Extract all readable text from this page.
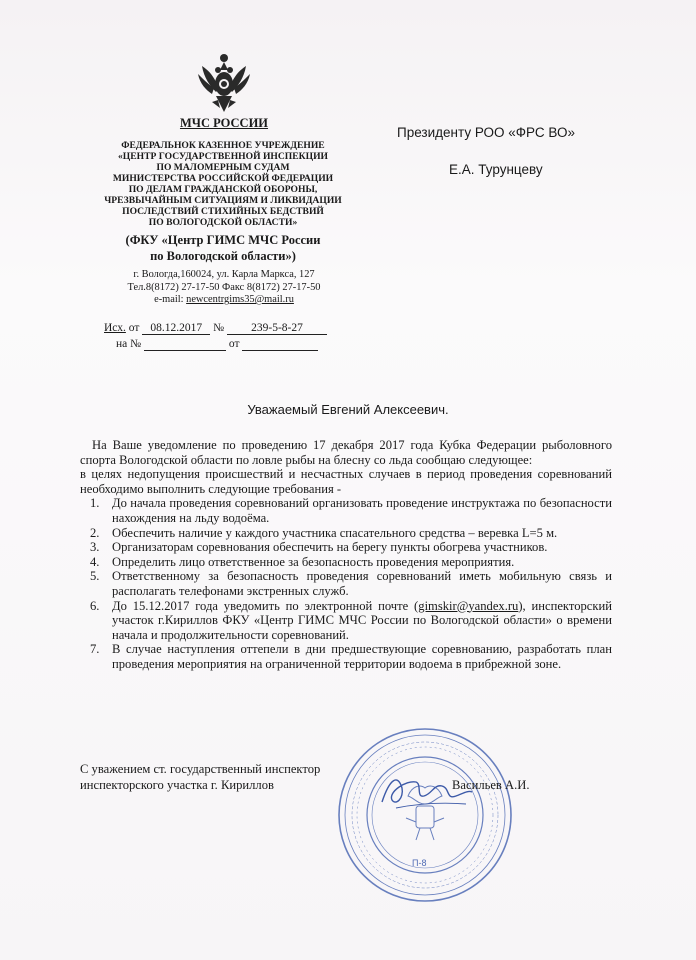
МЧС РОССИИ
ФЕДЕРАЛЬНОК КАЗЕННОЕ УЧРЕЖДЕНИЕ
«ЦЕНТР ГОСУДАРСТВЕННОЙ ИНСПЕКЦИИ
ПО МАЛОМЕРНЫМ СУДАМ
МИНИСТЕРСТВА РОССИЙСКОЙ ФЕДЕРАЦИИ
ПО ДЕЛАМ ГРАЖДАНСКОЙ ОБОРОНЫ,
ЧРЕЗВЫЧАЙНЫМ СИТУАЦИЯМ И ЛИКВИДАЦИИ
ПОСЛЕДСТВИЙ СТИХИЙНЫХ БЕДСТВИЙ
ПО ВОЛОГОДСКОЙ ОБЛАСТИ»
(ФКУ «Центр ГИМС МЧС России
по Вологодской области»)
г. Вологда,160024, ул. Карла Маркса, 127
Тел.8(8172) 27-17-50 Факс 8(8172) 27-17-50
e-mail: newcentrgims35@mail.ru
Исх. от 08.12.2017 № 239-5-8-27
на №	от
Президенту РОО «ФРС ВО»
Е.А. Турунцеву
Уважаемый Евгений Алексеевич.

На Ваше уведомление по проведению 17 декабря 2017 года Кубка Федерации рыболовного спорта Вологодской области по ловле рыбы на блесну со льда сообщаю следующее:

в целях недопущения происшествий и несчастных случаев в период проведения соревнований необходимо выполнить следующие требования -

1. До начала проведения соревнований организовать проведение инструктажа по безопасности нахождения на льду водоёма.
2. Обеспечить наличие у каждого участника спасательного средства – веревка L=5 м.
3. Организаторам соревнования обеспечить на берегу пункты обогрева участников.
4. Определить лицо ответственное за безопасность проведения мероприятия.
5. Ответственному за безопасность проведения соревнований иметь мобильную связь и располагать телефонами экстренных служб.
6. До 15.12.2017 года уведомить по электронной почте (gimskir@yandex.ru), инспекторский участок г.Кириллов ФКУ «Центр ГИМС МЧС России по Вологодской области» о времени начала и продолжительности соревнований.
7. В случае наступления оттепели в дни предшествующие соревнованию, разработать план проведения мероприятия на ограниченной территории водоема в прибрежной зоне.
П-8
С уважением ст. государственный инспектор
инспекторского участка г. Кириллов	Васильев А.И.
